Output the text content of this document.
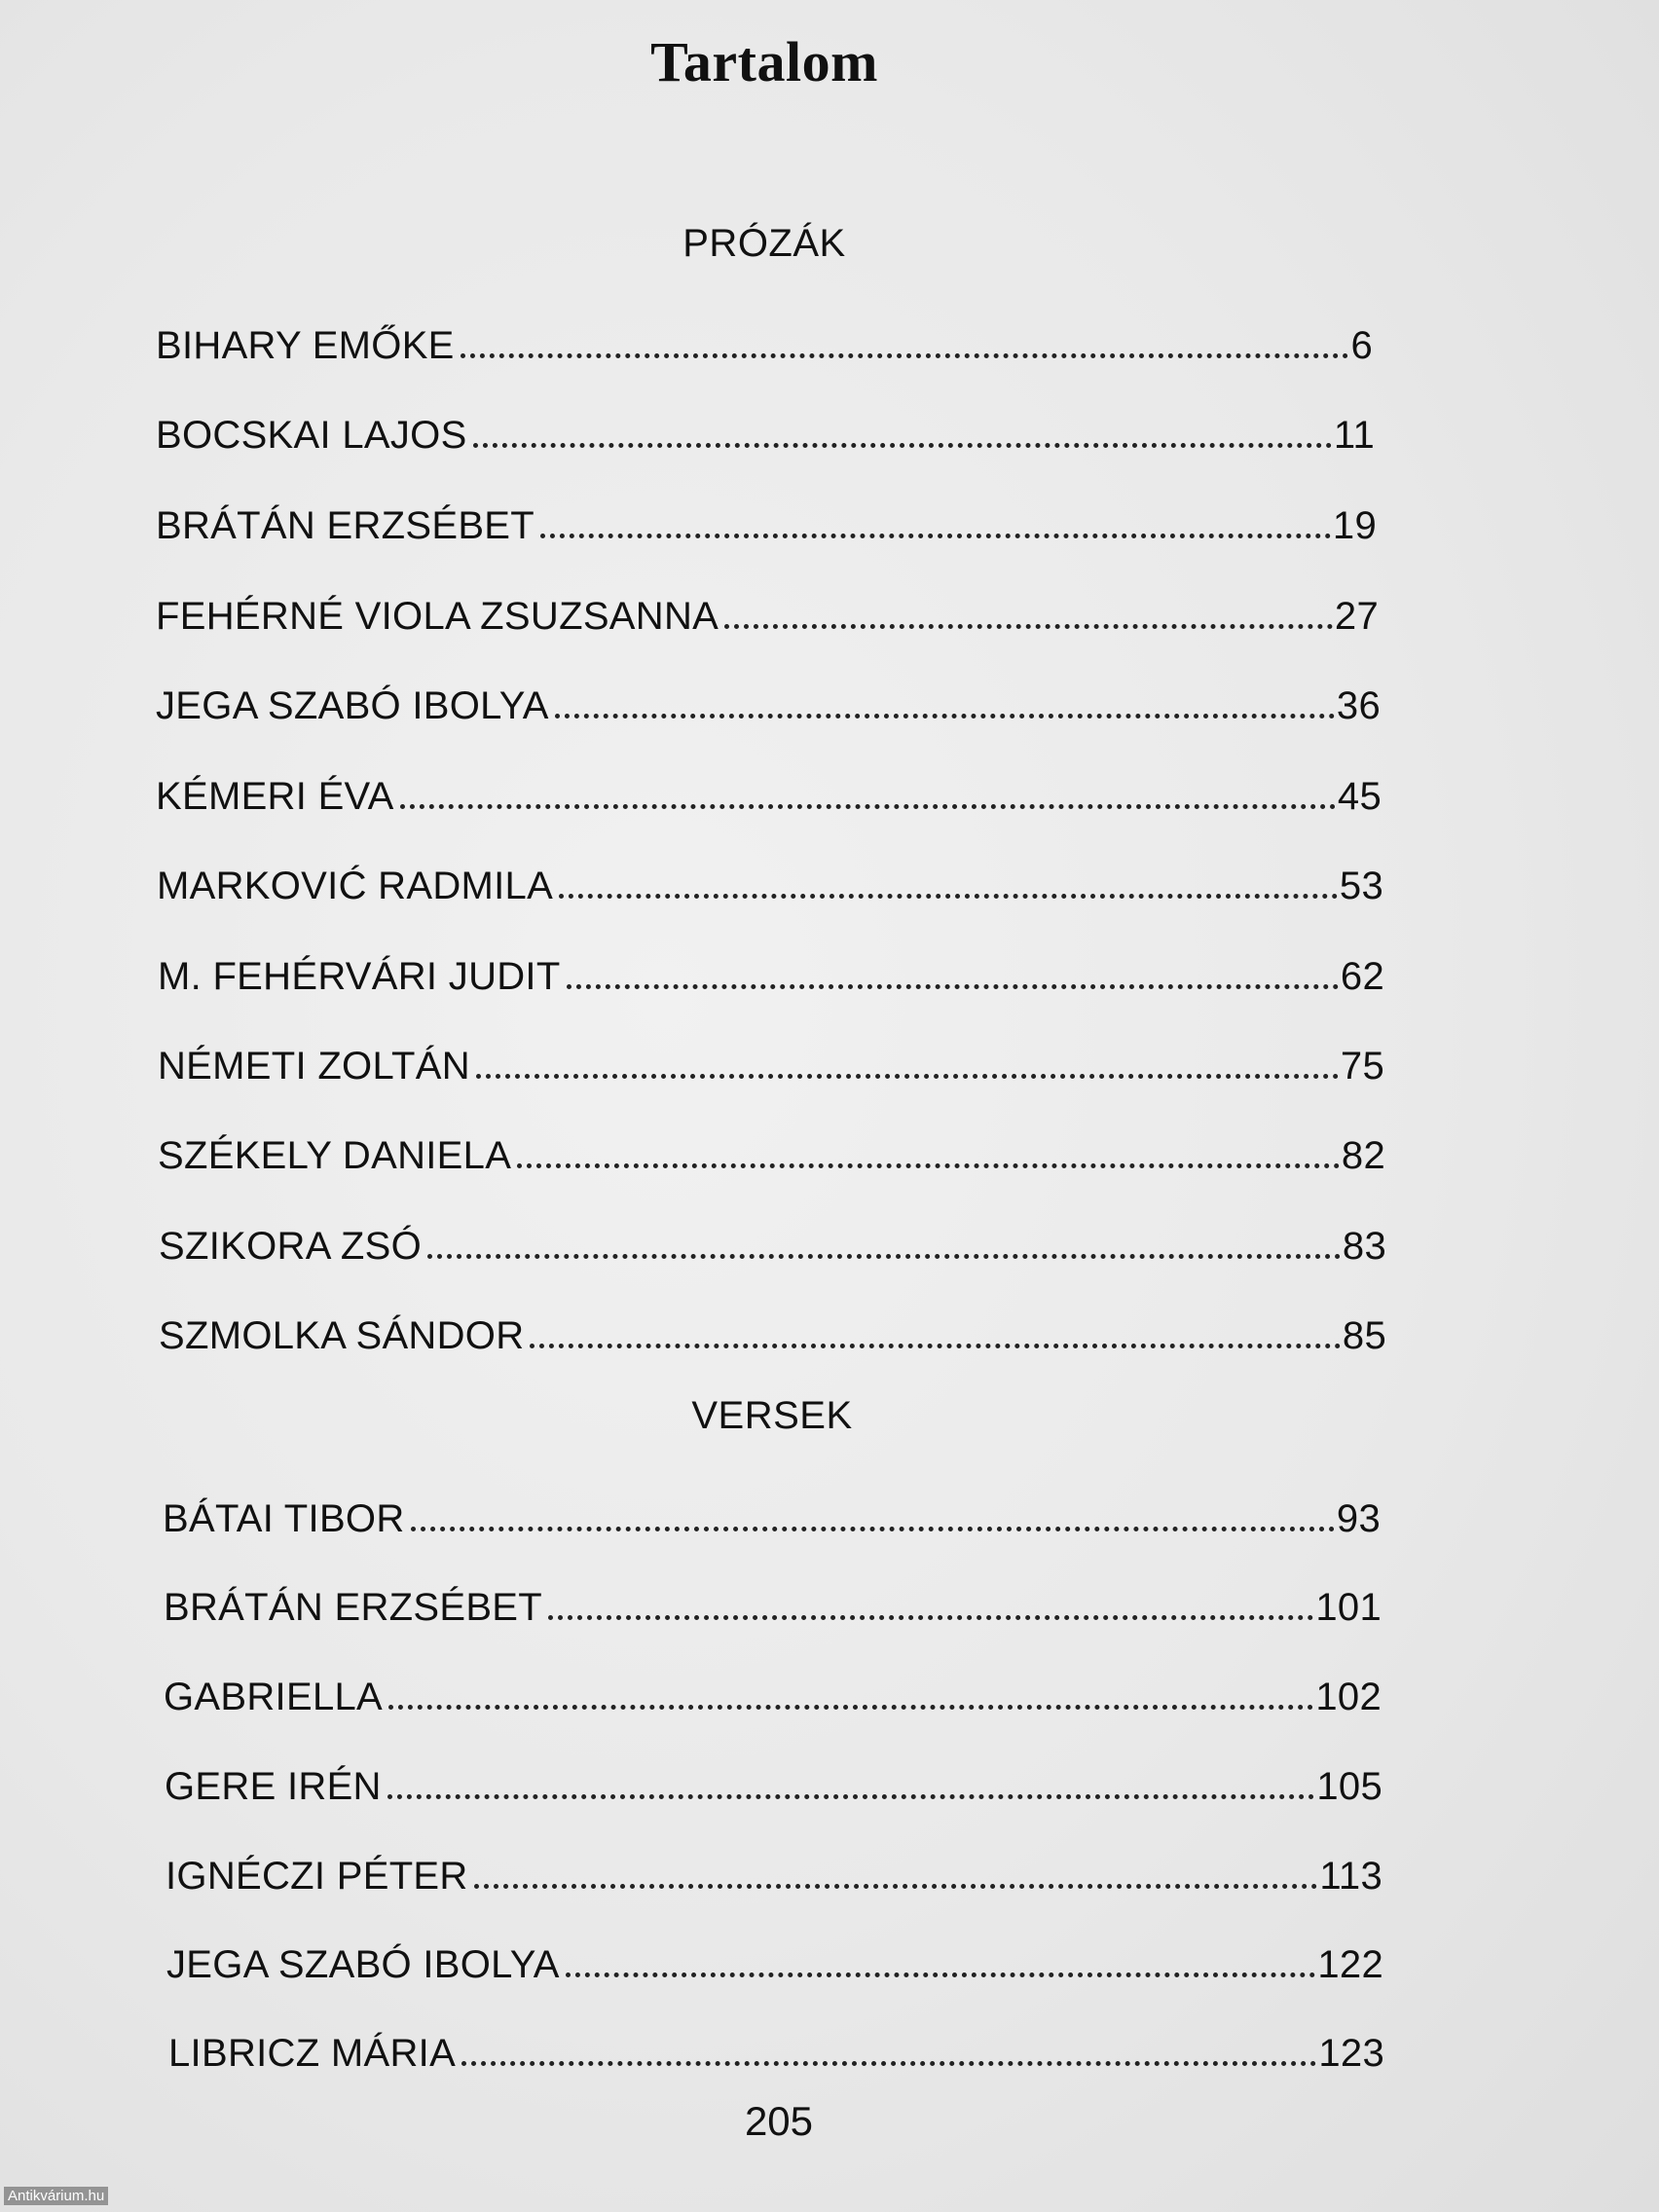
Tartalom
PRÓZÁK
BIHARY EMŐKE	6
BOCSKAI LAJOS	11
BRÁTÁN ERZSÉBET	19
FEHÉRNÉ VIOLA ZSUZSANNA	27
JEGA SZABÓ IBOLYA	36
KÉMERI ÉVA	45
MARKOVIĆ RADMILA	53
M. FEHÉRVÁRI JUDIT	62
NÉMETI ZOLTÁN	75
SZÉKELY DANIELA	82
SZIKORA ZSÓ	83
SZMOLKA SÁNDOR	85
VERSEK
BÁTAI TIBOR	93
BRÁTÁN ERZSÉBET	101
GABRIELLA	102
GERE IRÉN	105
IGNÉCZI PÉTER	113
JEGA SZABÓ IBOLYA	122
LIBRICZ MÁRIA	123
205
Antikvárium.hu
